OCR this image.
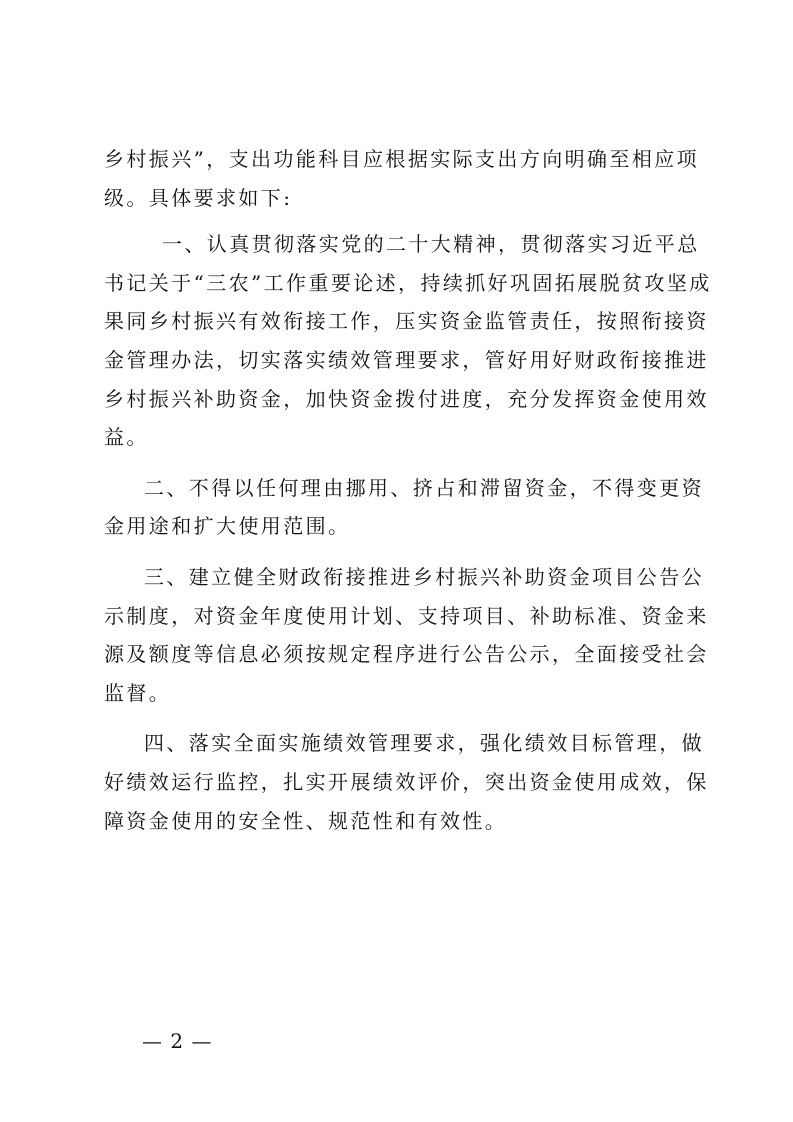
乡村振兴”，支出功能科目应根据实际支出方向明确至相应项
级。具体要求如下:
一、认真贯彻落实党的二十大精神，贯彻落实习近平总
书记关于“三农”工作重要论述，持续抓好巩固拓展脱贫攻坚成
果同乡村振兴有效衔接工作，压实资金监管责任，按照衔接资
金管理办法，切实落实绩效管理要求，管好用好财政衔接推进
乡村振兴补助资金，加快资金拨付进度，充分发挥资金使用效
益。
二、不得以任何理由挪用、挤占和滞留资金，不得变更资
金用途和扩大使用范围。
三、建立健全财政衔接推进乡村振兴补助资金项目公告公
示制度，对资金年度使用计划、支持项目、补助标准、资金来
源及额度等信息必须按规定程序进行公告公示，全面接受社会
监督。
四、落实全面实施绩效管理要求，强化绩效目标管理，做
好绩效运行监控，扎实开展绩效评价，突出资金使用成效，保
障资金使用的安全性、规范性和有效性。
— 2 —
